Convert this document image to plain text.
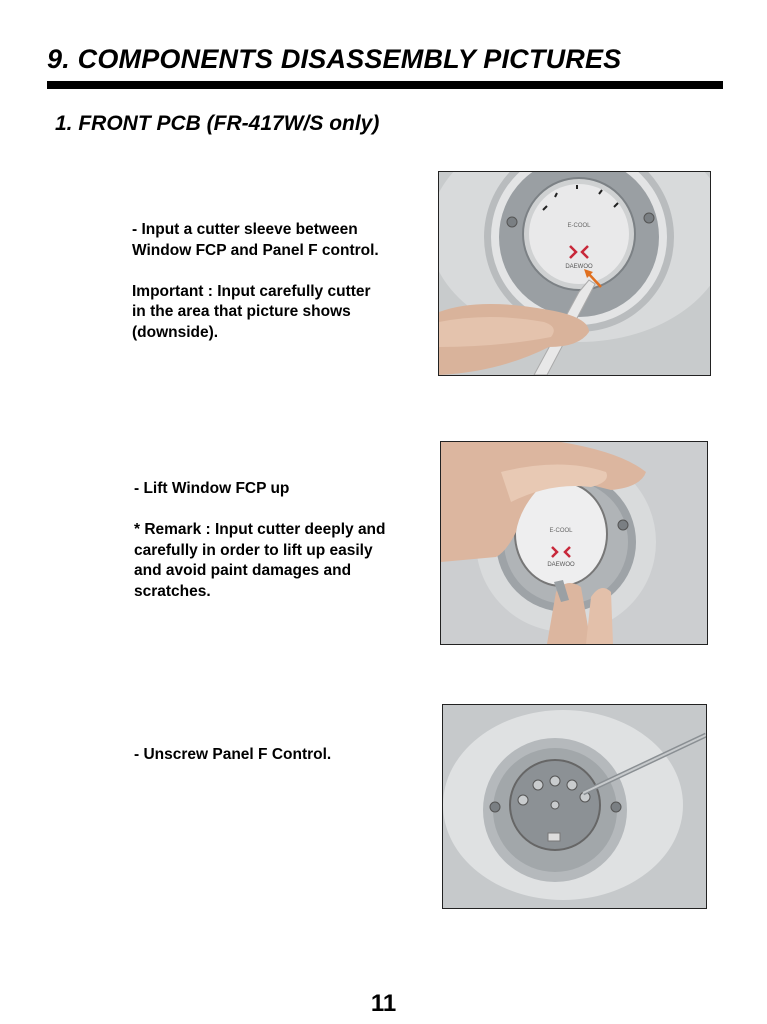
9. COMPONENTS DISASSEMBLY PICTURES
1. FRONT PCB (FR-417W/S only)
- Input a cutter sleeve between
Window FCP and Panel F control.

Important : Input carefully cutter
in the area that picture shows
(downside).
E-COOL
DAEWOO
- Lift Window FCP up

* Remark : Input cutter deeply and
carefully in order to lift up easily
and avoid paint damages and
scratches.
DAEWOO
E-COOL
- Unscrew Panel F Control.
11
